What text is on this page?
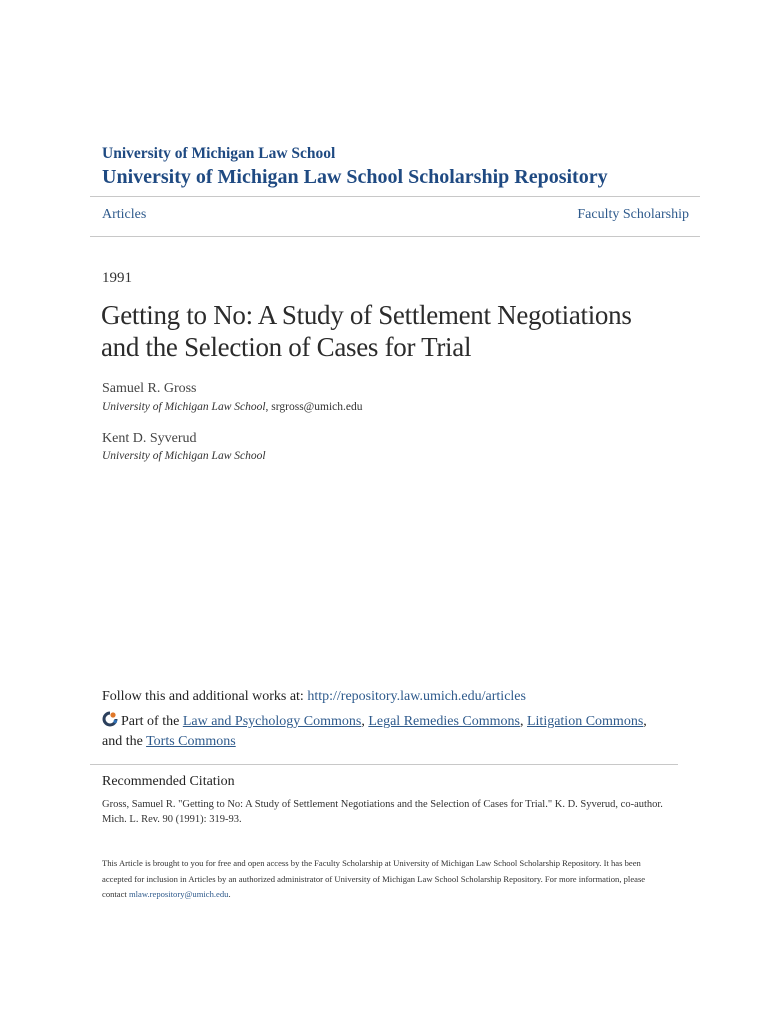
University of Michigan Law School
University of Michigan Law School Scholarship Repository
Articles	Faculty Scholarship
1991
Getting to No: A Study of Settlement Negotiations
and the Selection of Cases for Trial
Samuel R. Gross
University of Michigan Law School, srgross@umich.edu
Kent D. Syverud
University of Michigan Law School
Follow this and additional works at: http://repository.law.umich.edu/articles
Part of the Law and Psychology Commons, Legal Remedies Commons, Litigation Commons, and the Torts Commons
Recommended Citation
Gross, Samuel R. "Getting to No: A Study of Settlement Negotiations and the Selection of Cases for Trial." K. D. Syverud, co-author. Mich. L. Rev. 90 (1991): 319-93.
This Article is brought to you for free and open access by the Faculty Scholarship at University of Michigan Law School Scholarship Repository. It has been accepted for inclusion in Articles by an authorized administrator of University of Michigan Law School Scholarship Repository. For more information, please contact mlaw.repository@umich.edu.
